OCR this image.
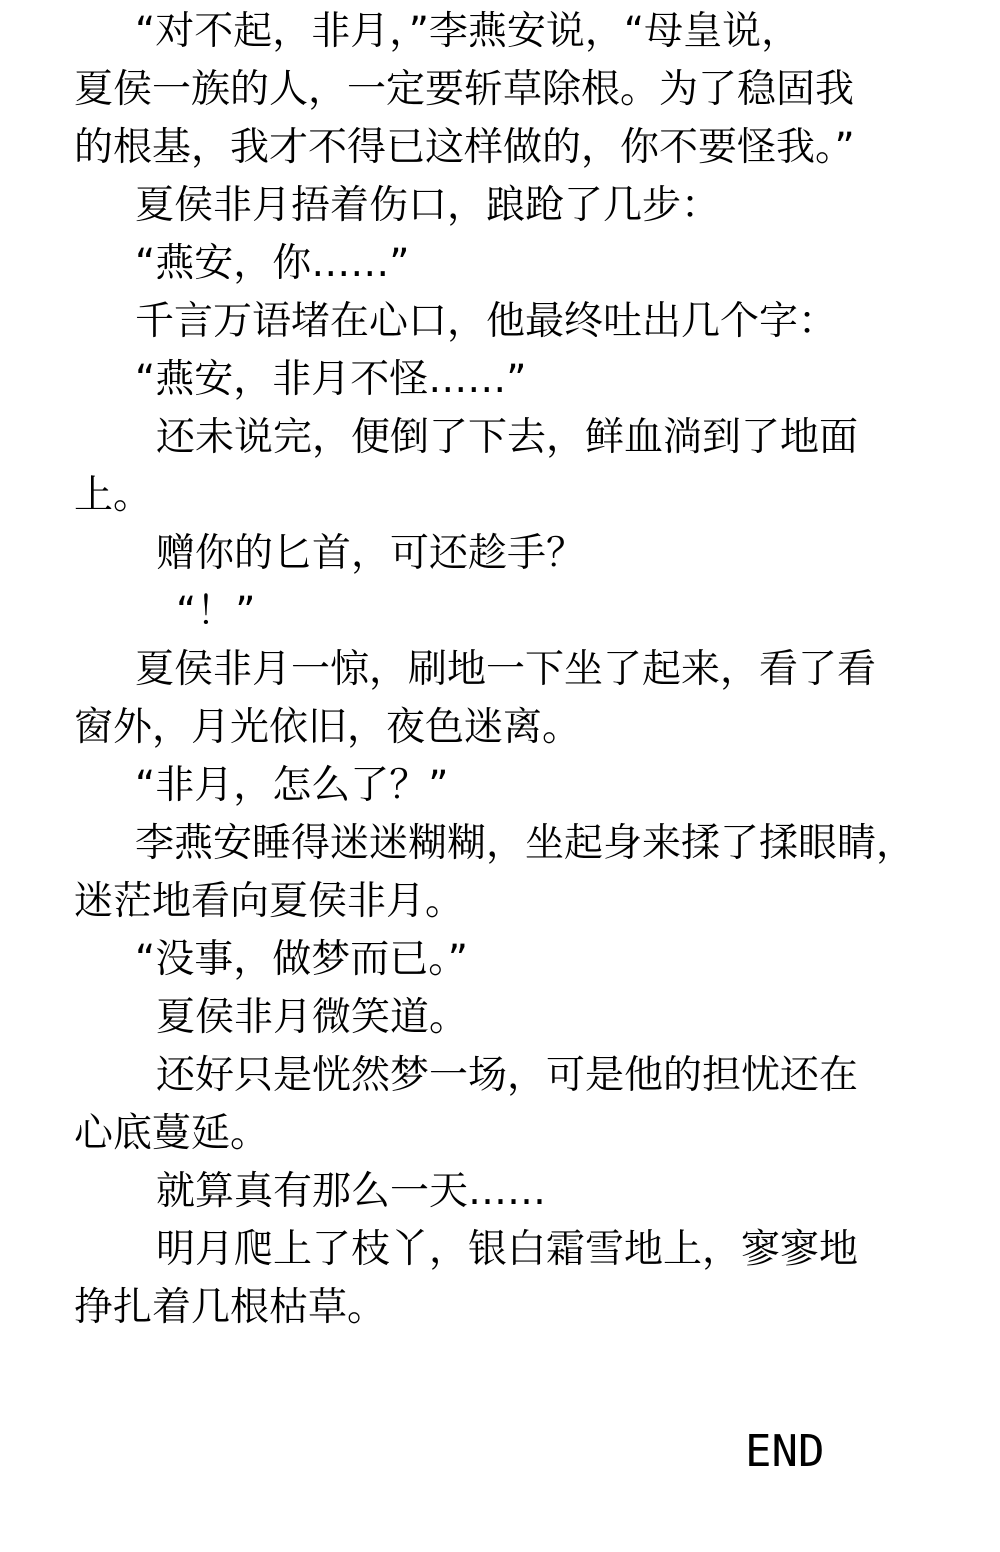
“对不起，非月，”李燕安说，“母皇说，
夏侯一族的人，一定要斩草除根。为了稳固我
的根基，我才不得已这样做的，你不要怪我。”
夏侯非月捂着伤口，踉跄了几步：
“燕安，你……”
千言万语堵在心口，他最终吐出几个字：
“燕安，非月不怪……”
还未说完，便倒了下去，鲜血淌到了地面
上。
赠你的匕首，可还趁手？
“！”
夏侯非月一惊，刷地一下坐了起来，看了看
窗外，月光依旧，夜色迷离。
“非月，怎么了？”
李燕安睡得迷迷糊糊，坐起身来揉了揉眼睛，
迷茫地看向夏侯非月。
“没事，做梦而已。”
夏侯非月微笑道。
还好只是恍然梦一场，可是他的担忧还在
心底蔓延。
就算真有那么一天……
明月爬上了枝丫，银白霜雪地上，寥寥地
挣扎着几根枯草。
END
